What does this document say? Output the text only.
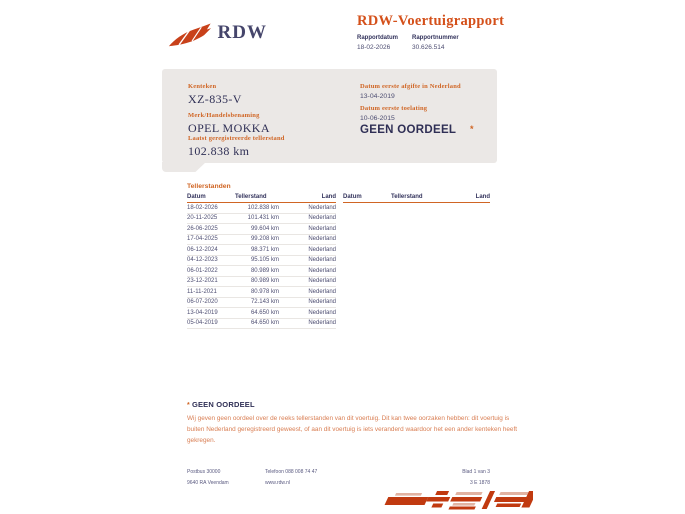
RDW
RDW-Voertuigrapport
Rapportdatum
18-02-2026
Rapportnummer
30.626.514
Kenteken
XZ-835-V
Merk/Handelsbenaming
OPEL MOKKA
Laatst geregistreerde tellerstand
102.838 km
Datum eerste afgifte in Nederland
13-04-2019
Datum eerste toelating
10-06-2015
GEEN OORDEEL	*
Tellerstanden
Datum	Tellerstand	Land
18-02-2026	102.838 km	Nederland
20-11-2025	101.431 km	Nederland
26-06-2025	99.604 km	Nederland
17-04-2025	99.208 km	Nederland
06-12-2024	98.371 km	Nederland
04-12-2023	95.105 km	Nederland
06-01-2022	80.989 km	Nederland
23-12-2021	80.989 km	Nederland
11-11-2021	80.978 km	Nederland
06-07-2020	72.143 km	Nederland
13-04-2019	64.650 km	Nederland
05-04-2019	64.650 km	Nederland
Datum	Tellerstand	Land
* GEEN OORDEEL
Wij geven geen oordeel over de reeks tellerstanden van dit voertuig. Dit kan twee oorzaken hebben: dit voertuig is buiten Nederland geregistreerd geweest, of aan dit voertuig is iets veranderd waardoor het een ander kenteken heeft gekregen.
Postbus 30000
9640 RA Veendam
Telefoon 088 008 74 47
www.rdw.nl
Blad 1 van 3
3 E 1878
